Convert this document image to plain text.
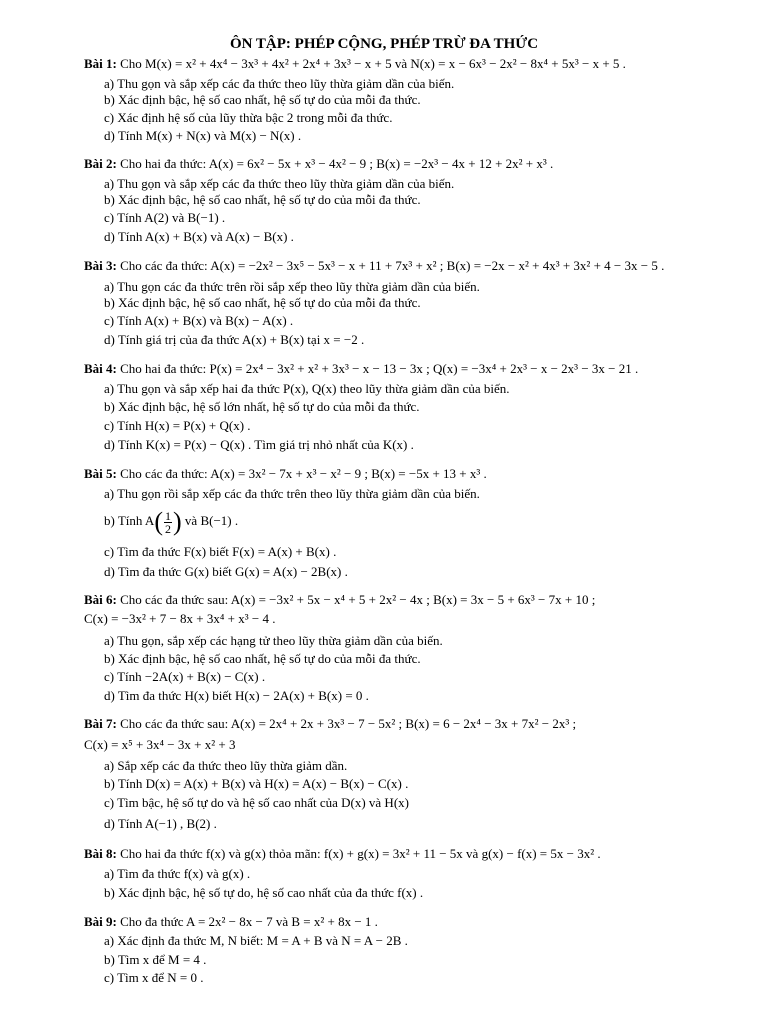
ÔN TẬP: PHÉP CỘNG, PHÉP TRỪ ĐA THỨC
Bài 1: Cho M(x) = x² + 4x⁴ − 3x³ + 4x² + 2x⁴ + 3x³ − x + 5 và N(x) = x − 6x³ − 2x² − 8x⁴ + 5x³ − x + 5 .
a) Thu gọn và sắp xếp các đa thức theo lũy thừa giảm dần của biến.
b) Xác định bậc, hệ số cao nhất, hệ số tự do của mỗi đa thức.
c) Xác định hệ số của lũy thừa bậc 2 trong mỗi đa thức.
d) Tính M(x) + N(x) và M(x) − N(x) .
Bài 2: Cho hai đa thức: A(x) = 6x² − 5x + x³ − 4x² − 9 ; B(x) = −2x³ − 4x + 12 + 2x² + x³ .
a) Thu gọn và sắp xếp các đa thức theo lũy thừa giảm dần của biến.
b) Xác định bậc, hệ số cao nhất, hệ số tự do của mỗi đa thức.
c) Tính A(2) và B(−1) .
d) Tính A(x) + B(x) và A(x) − B(x) .
Bài 3: Cho các đa thức: A(x) = −2x² − 3x⁵ − 5x³ − x + 11 + 7x³ + x² ; B(x) = −2x − x² + 4x³ + 3x² + 4 − 3x − 5 .
a) Thu gọn các đa thức trên rồi sắp xếp theo lũy thừa giảm dần của biến.
b) Xác định bậc, hệ số cao nhất, hệ số tự do của mỗi đa thức.
c) Tính A(x) + B(x) và B(x) − A(x) .
d) Tính giá trị của đa thức A(x) + B(x) tại x = −2 .
Bài 4: Cho hai đa thức: P(x) = 2x⁴ − 3x² + x² + 3x³ − x − 13 − 3x ; Q(x) = −3x⁴ + 2x³ − x − 2x³ − 3x − 21 .
a) Thu gọn và sắp xếp hai đa thức P(x), Q(x) theo lũy thừa giảm dần của biến.
b) Xác định bậc, hệ số lớn nhất, hệ số tự do của mỗi đa thức.
c) Tính H(x) = P(x) + Q(x) .
d) Tính K(x) = P(x) − Q(x) . Tìm giá trị nhỏ nhất của K(x) .
Bài 5: Cho các đa thức: A(x) = 3x² − 7x + x³ − x² − 9 ; B(x) = −5x + 13 + x³ .
a) Thu gọn rồi sắp xếp các đa thức trên theo lũy thừa giảm dần của biến.
b) Tính $A( \frac{1}{2}$ ) và B(−1) .
c) Tìm đa thức F(x) biết F(x) = A(x) + B(x) .
d) Tìm đa thức G(x) biết G(x) = A(x) − 2B(x) .
Bài 6: Cho các đa thức sau: A(x) = −3x² + 5x − x⁴ + 5 + 2x² − 4x ; B(x) = 3x − 5 + 6x³ − 7x + 10 ;
C(x) = −3x² + 7 − 8x + 3x⁴ + x³ − 4 .
a) Thu gọn, sắp xếp các hạng tử theo lũy thừa giảm dần của biến.
b) Xác định bậc, hệ số cao nhất, hệ số tự do của mỗi đa thức.
c) Tính −2A(x) + B(x) − C(x) .
d) Tìm đa thức H(x) biết H(x) − 2A(x) + B(x) = 0 .
Bài 7: Cho các đa thức sau: A(x) = 2x⁴ + 2x + 3x³ − 7 − 5x² ; B(x) = 6 − 2x⁴ − 3x + 7x² − 2x³ ;
C(x) = x⁵ + 3x⁴ − 3x + x² + 3
a) Sắp xếp các đa thức theo lũy thừa giảm dần.
b) Tính D(x) = A(x) + B(x) và H(x) = A(x) − B(x) − C(x) .
c) Tìm bậc, hệ số tự do và hệ số cao nhất của D(x) và H(x)
d) Tính A(−1) , B(2) .
Bài 8: Cho hai đa thức f(x) và g(x) thỏa mãn: f(x) + g(x) = 3x² + 11 − 5x và g(x) − f(x) = 5x − 3x² .
a) Tìm đa thức f(x) và g(x) .
b) Xác định bậc, hệ số tự do, hệ số cao nhất của đa thức f(x) .
Bài 9: Cho đa thức A = 2x² − 8x − 7 và B = x² + 8x − 1 .
a) Xác định đa thức M, N biết: M = A + B và N = A − 2B .
b) Tìm x để M = 4 .
c) Tìm x để N = 0 .
